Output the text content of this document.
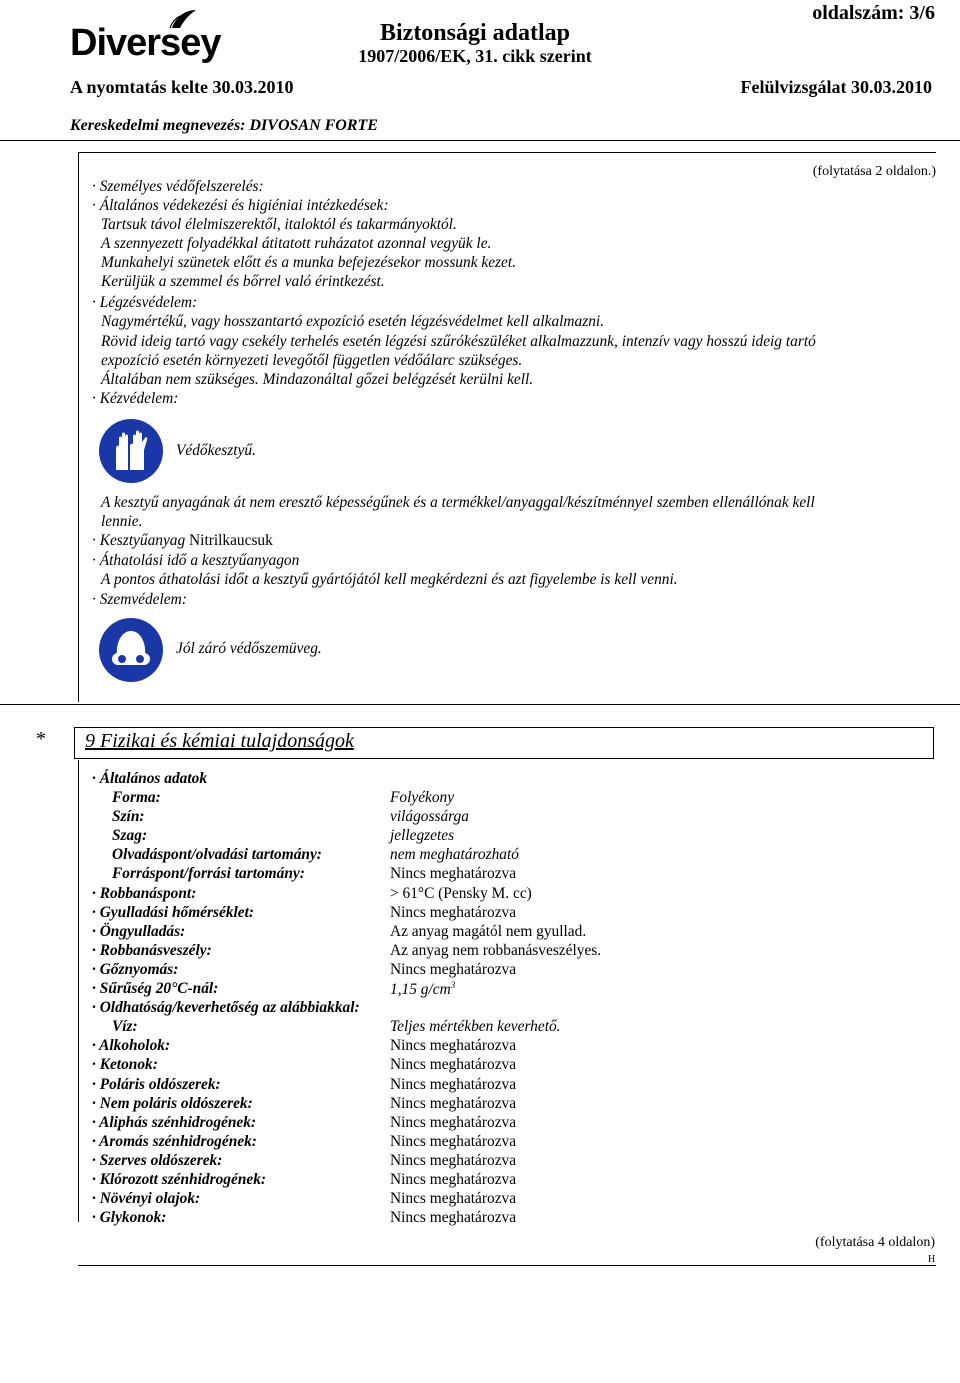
Diversey
oldalszám: 3/6
Biztonsági adatlap
1907/2006/EK, 31. cikk szerint
A nyomtatás kelte 30.03.2010	Felülvizsgálat 30.03.2010
Kereskedelmi megnevezés: DIVOSAN FORTE
(folytatása 2 oldalon.)
· Személyes védőfelszerelés:
· Általános védekezési és higiéniai intézkedések:
Tartsuk távol élelmiszerektől, italoktól és takarmányoktól.
A szennyezett folyadékkal átitatott ruházatot azonnal vegyük le.
Munkahelyi szünetek előtt és a munka befejezésekor mossunk kezet.
Kerüljük a szemmel és bőrrel való érintkezést.
· Légzésvédelem:
Nagymértékű, vagy hosszantartó expozíció esetén légzésvédelmet kell alkalmazni.
Rövid ideig tartó vagy csekély terhelés esetén légzési szűrókészüléket alkalmazzunk, intenzív vagy hosszú ideig tartó
expozíció esetén környezeti levegőtől független védőálarc szükséges.
Általában nem szükséges. Mindazonáltal gőzei belégzését kerülni kell.
· Kézvédelem:
Védőkesztyű.
A kesztyű anyagának át nem eresztő képességűnek és a termékkel/anyaggal/készítménnyel szemben ellenállónak kell
lennie.
· Kesztyűanyag Nitrilkaucsuk
· Áthatolási idő a kesztyűanyagon
A pontos áthatolási időt a kesztyű gyártójától kell megkérdezni és azt figyelembe is kell venni.
· Szemvédelem:
Jól záró védőszemüveg.
* 9 Fizikai és kémiai tulajdonságok
· Általános adatok
Forma:	Folyékony
Szín:	világossárga
Szag:	jellegzetes
Olvadáspont/olvadási tartomány:	nem meghatározható
Forráspont/forrási tartomány:	Nincs meghatározva
· Robbanáspont:	> 61°C (Pensky M. cc)
· Gyulladási hőmérséklet:	Nincs meghatározva
· Öngyulladás:	Az anyag magától nem gyullad.
· Robbanásveszély:	Az anyag nem robbanásveszélyes.
· Gőznyomás:	Nincs meghatározva
· Sűrűség 20°C-nál:	1,15 $g/cm^3$
· Oldhatóság/keverhetőség az alábbiakkal:
Víz:	Teljes mértékben keverhető.
· Alkoholok:	Nincs meghatározva
· Ketonok:	Nincs meghatározva
· Poláris oldószerek:	Nincs meghatározva
· Nem poláris oldószerek:	Nincs meghatározva
· Aliphás szénhidrogének:	Nincs meghatározva
· Aromás szénhidrogének:	Nincs meghatározva
· Szerves oldószerek:	Nincs meghatározva
· Klórozott szénhidrogének:	Nincs meghatározva
· Növényi olajok:	Nincs meghatározva
· Glykonok:	Nincs meghatározva
(folytatása 4 oldalon)
H
